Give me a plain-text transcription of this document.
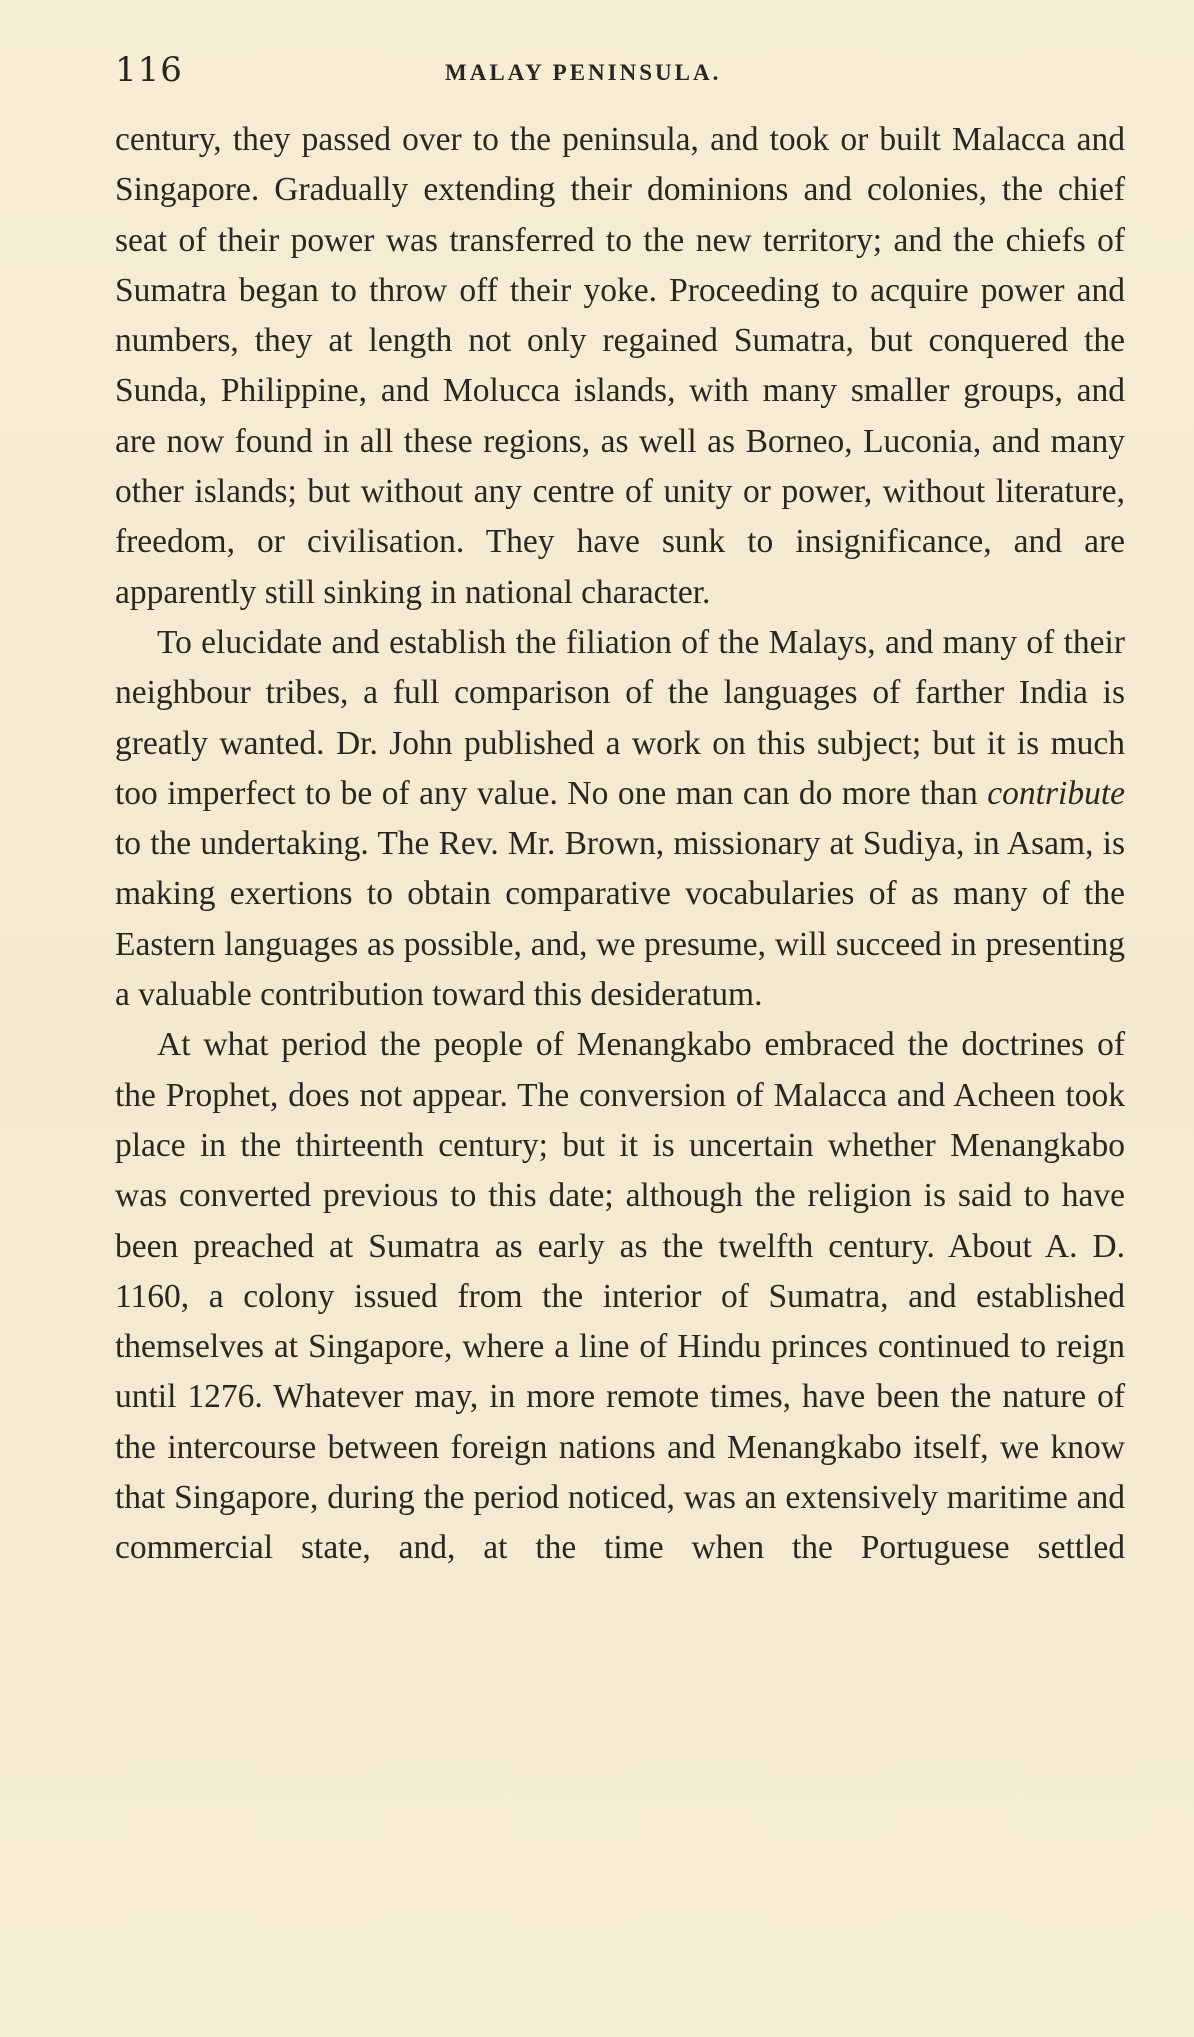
116	MALAY PENINSULA.

century, they passed over to the peninsula, and took or built Malacca and Singapore. Gradually extending their dominions and colonies, the chief seat of their power was transferred to the new territory; and the chiefs of Sumatra began to throw off their yoke. Proceeding to acquire power and numbers, they at length not only regained Sumatra, but conquered the Sunda, Philippine, and Molucca islands, with many smaller groups, and are now found in all these regions, as well as Borneo, Luconia, and many other islands; but without any centre of unity or power, without literature, freedom, or civilisation. They have sunk to insignificance, and are apparently still sinking in national character.

To elucidate and establish the filiation of the Malays, and many of their neighbour tribes, a full comparison of the languages of farther India is greatly wanted. Dr. John published a work on this subject; but it is much too imperfect to be of any value. No one man can do more than contribute to the undertaking. The Rev. Mr. Brown, missionary at Sudiya, in Asam, is making exertions to obtain comparative vocabularies of as many of the Eastern languages as possible, and, we presume, will succeed in presenting a valuable contribution toward this desideratum.

At what period the people of Menangkabo embraced the doctrines of the Prophet, does not appear. The conversion of Malacca and Acheen took place in the thirteenth century; but it is uncertain whether Menangkabo was converted previous to this date; although the religion is said to have been preached at Sumatra as early as the twelfth century. About A. D. 1160, a colony issued from the interior of Sumatra, and established themselves at Singapore, where a line of Hindu princes continued to reign until 1276. Whatever may, in more remote times, have been the nature of the intercourse between foreign nations and Menangkabo itself, we know that Singapore, during the period noticed, was an extensively maritime and commercial state, and, at the time when the Portuguese settled
